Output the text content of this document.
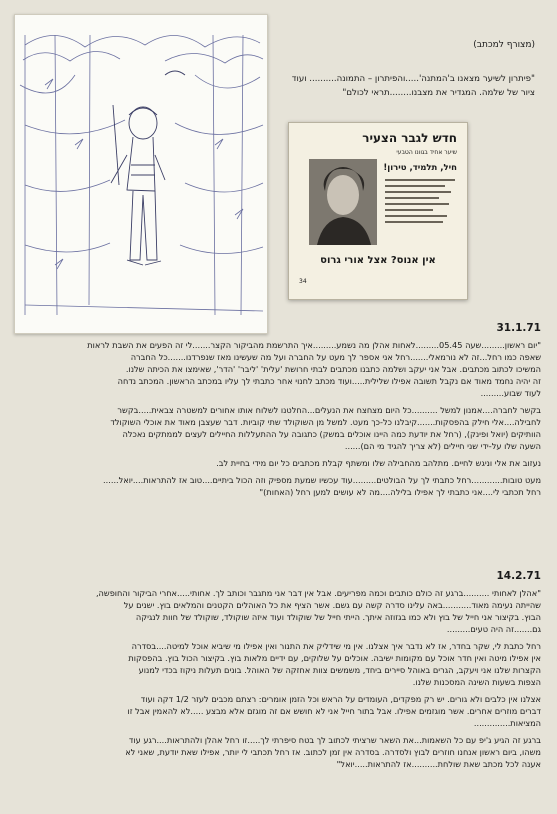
(מצורף למכתב)
"פיתרון לשיער מצאנו ב'המתנה'.....והפיתרון – התמונה.......... ועוד ציור של שלמה. המגדיר את מצבנו........תראי לכולם"
חדש לגבר הצעיר
שיער אחיד בגוונו הטבעי
חיל, תלמיד, טירון!
אין אנוס? אצל אורי גרוס
34
31.1.71
"יום ראשון.........שעה 05.45.........לאחות אהלן מה נשמע.........איך התרשמת מהביקור הקצר.......לי זה הפעים את השבת לראות
שאפה כמו רחל...זה לא נורמאלי.......רחל אני אספר לך מעט על החברה ועל מה שעשינו מאז שנפרדנו.......כל החברה
המשיכו לכתוב מכתבים. אבל אני יעקב ושלמה כתבנו מכתבים לבתי חרושת 'עלית' 'ליבר' 'הדר', שאימצו את הכיתה שלנו.
זה יהיה נחמד מאוד אם נקבל תשובה אפילו שלילית.....ועוד מכתב לחנוי אחר כתבתי לך עליו במכתב הראשון. המכתב נדחה
לעוד שבוע.........
בקשר לחברה....אמנון למשל ..........כל היום מצחצח את הנעלים...החלטנו לשלוח אותו אחורים למשטרה צבאית.....בקשר
לחבילה....אלי חילק בהפסקות.......קיבלנו כל-כך מעט. למשל מן השוקולד שתי קוביות. דבר שעצבן מאוד את אוכלי השוקולד
הוותיקים (יואל ופינק), (רחל את יודעת כמה היינו אוכלים במשק) כתגובה על ההתעללות החיילים לעצים לממתקים נאכלה
השעה שלו על-ידי שני חיילים (לא צריך להגיד מי הם)......
נעזוב את אלי וניגש לחיים. מתלהב מהחבילה שלו ומשתף קבלת מכתבים כל יום מידי בחיית לב.
מעט טובות............רחל כתבתי לך על הבולטים.........עוד עכשיו שמעת מספיק וזה הכול ביתיים....טוב אז להתראות....יואל......
רחל תכתבי לי....אני כתבתי לך אפילו בלילה....מה לא עושים למען רחל (האחות)"
14.2.71
"אהלן לאחותי ..........ברגע זה כולם כותבים וכמה מפריעים. אבל אין דבר אני מתגבר וכותב לך. אחותי.....אחרי הביקור והחופשה,
שהייתה נעימה מאוד...........באה עלינו סדרה קשה עם גשם. אשר הציף את כל האוהלים הקטנים והמלאים בוץ. ישנים על
הבוץ. בקיצור אני חייל של בוץ ולא כמו בגזוזה איתך. הייתי חייל של שוקולד ועוד איזה שוקולד, שוקולד של חוות לנגיקה
גם.......זה היה טעים.........
רחל כתבת לי, שקר בחדר, אז לא נדבר איך אצלנו. אין מי שידליק את התנור ואין אפילו מי שיביא אוכל למיטה....בסדרה
אין אפילו מיטה ואין חדר אוכל עם מקומות ישיבה. אוכלים על שלוקים, עם ידיים מלאות בוץ. בקיצור הכול בוץ. בהפסקות
הקצרות שלנו אני ויעקב, הגרים באוהל סיירים ביחד, משמשים צוות אחזקה של האוהל. בונים תעלות ניקוז בכדי למנוע
הצפות בשעות השינה המסכנות שלנו.
אצלנו אין כלבים ולא גורים. יש רק מפקדים, העומדים על הראש וכל הזמן אומרים: רצתם מכבים לעזר 1/2 דקה ועוד
דברים מוזרים אחרים. אשר מוגזמים אפילו. אבל בתור חייל אני לא חושש אם זה מוגזם אלא מבצע .....לא להאמין אבל זו
המציאות..............
ברגע זה הגיע ג'יפ עם כל השאמות...את השאר שרציתי לכתוב לך בטח סיפרתי לך.....זו רחל אהלן ולהתראות....רגע עוד
משהו, ביום ראשון אנחנו חוזרים לבוץ ולסדרה. בסדרה אין זמן לכתוב. אז רחל תכתבי לי יותר, אפילו שאת יודעת, שאני לא
אענה לכל מכתב שאת שולחת..........אז להתראות.....יואל"
